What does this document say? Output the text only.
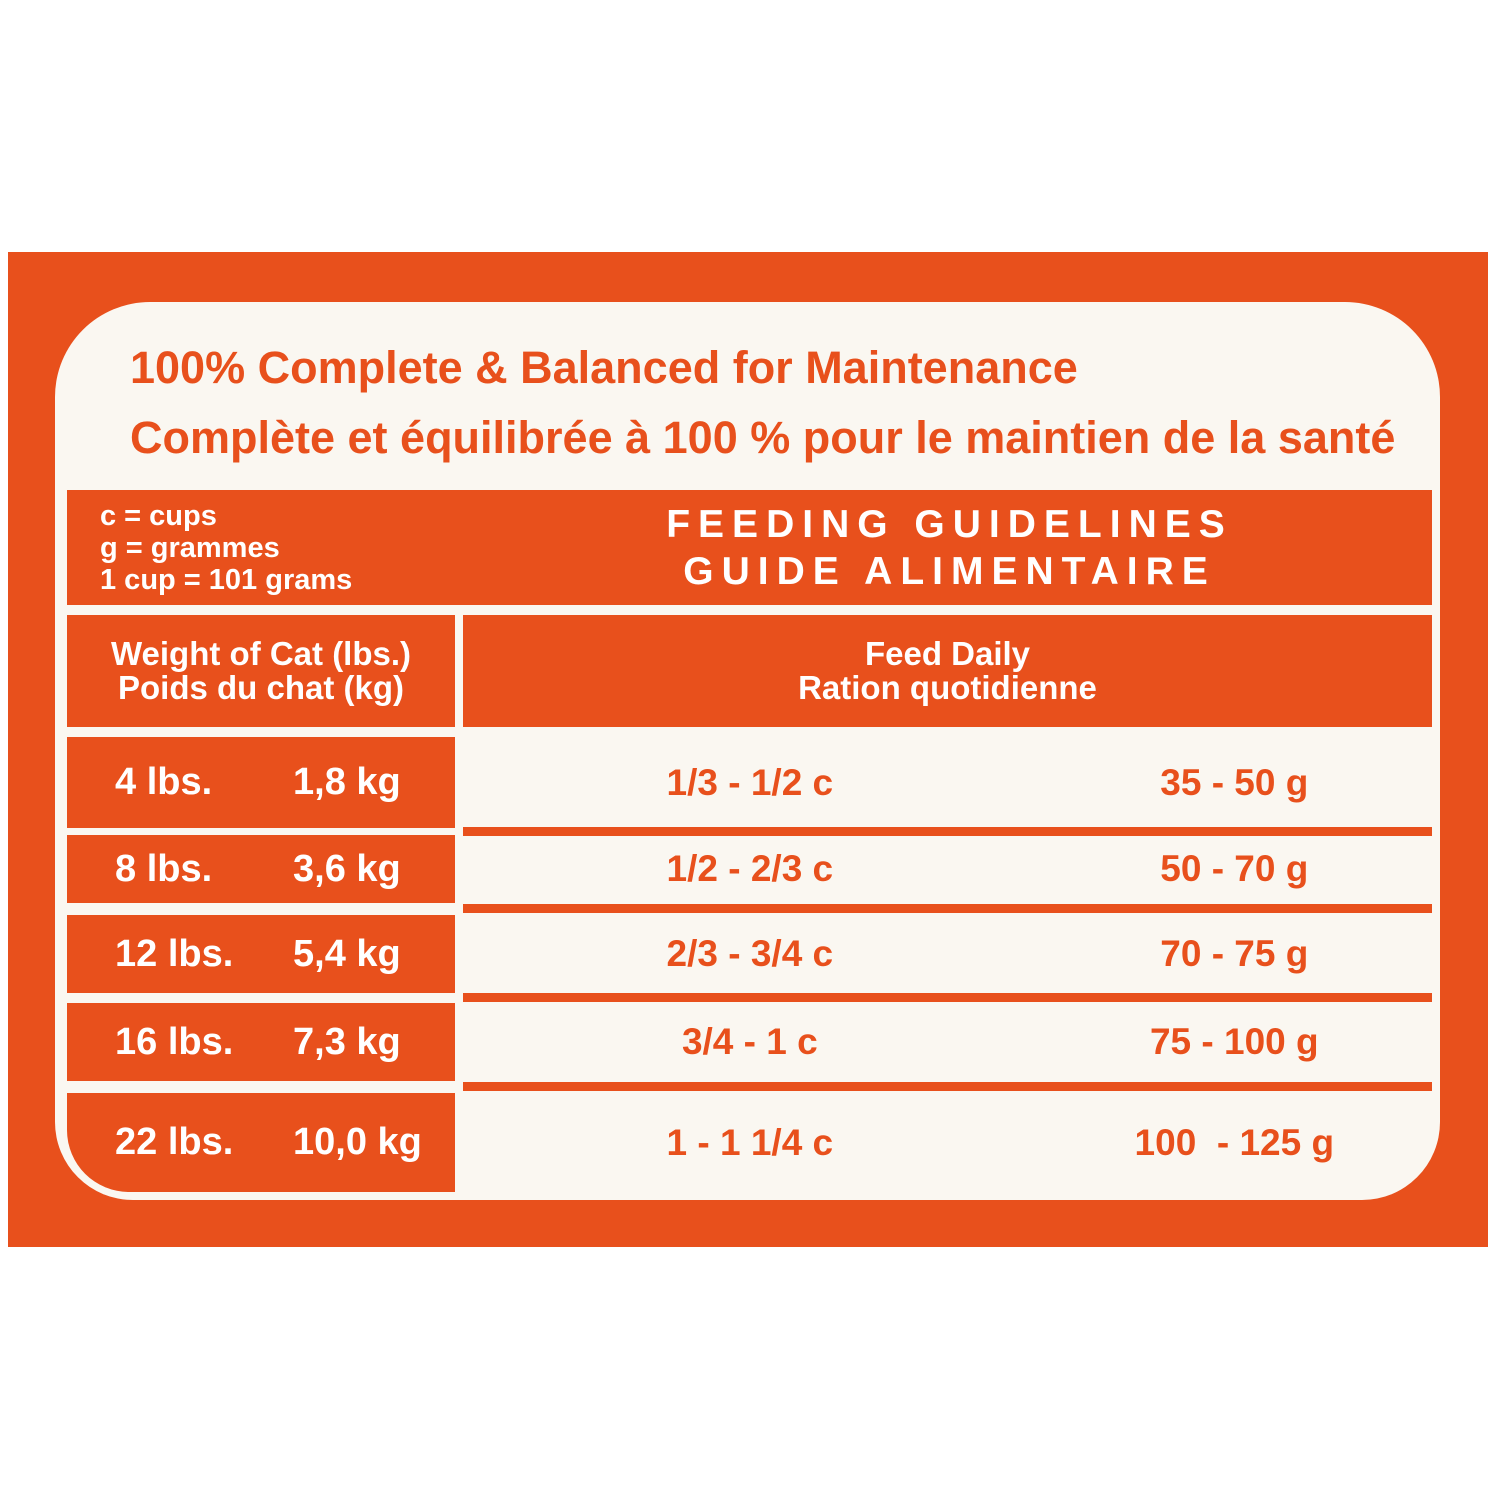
100% Complete & Balanced for Maintenance
Complète et équilibrée à 100 % pour le maintien de la santé
c = cups
g = grammes
1 cup = 101 grams
FEEDING GUIDELINES
GUIDE ALIMENTAIRE
Weight of Cat (lbs.)
Poids du chat (kg)
Feed Daily
Ration quotidienne
4 lbs.	1,8 kg	1/3 - 1/2 c	35 - 50 g
8 lbs.	3,6 kg	1/2 - 2/3 c	50 - 70 g
12 lbs.	5,4 kg	2/3 - 3/4 c	70 - 75 g
16 lbs.	7,3 kg	3/4 - 1 c	75 - 100 g
22 lbs.	10,0 kg	1 - 1 1/4 c	100  - 125 g
